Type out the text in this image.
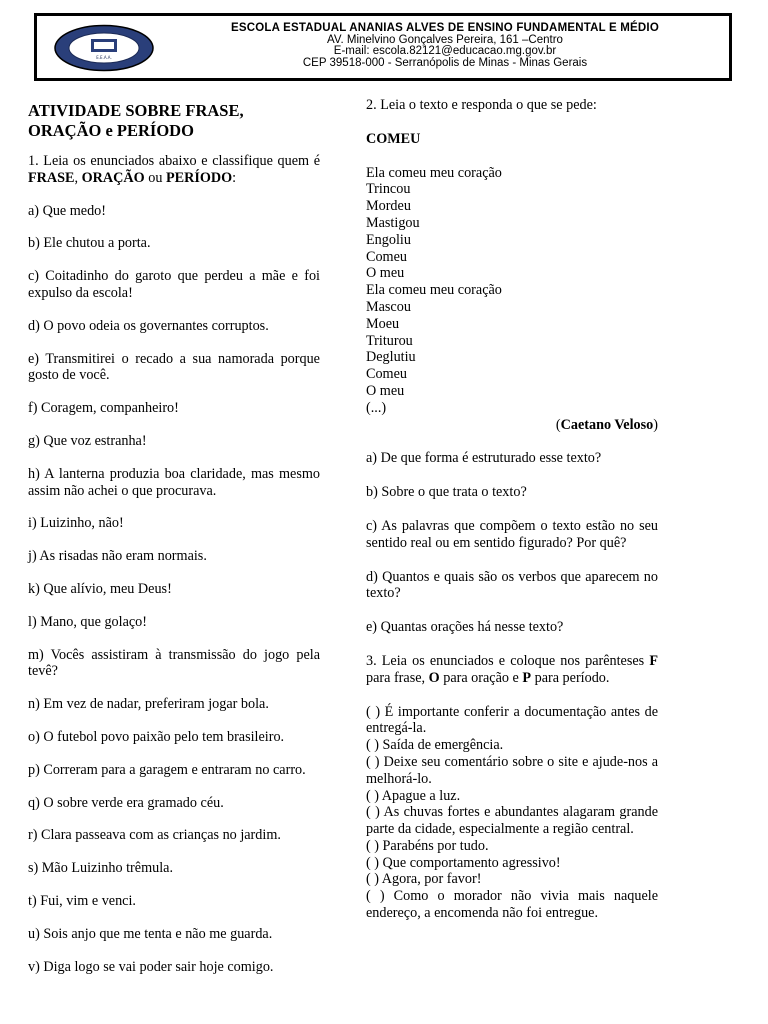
E.E.A.A.
ESCOLA ESTADUAL ANANIAS ALVES DE ENSINO FUNDAMENTAL E MÉDIO
AV. Minelvino Gonçalves Pereira, 161 –Centro
E-mail: escola.82121@educacao.mg.gov.br
CEP 39518-000 - Serranópolis de Minas - Minas Gerais
ATIVIDADE SOBRE FRASE,
ORAÇÃO e PERÍODO

1. Leia os enunciados abaixo e classifique quem é FRASE, ORAÇÃO ou PERÍODO:

a) Que medo!

b) Ele chutou a porta.

c) Coitadinho do garoto que perdeu a mãe e foi expulso da escola!

d) O povo odeia os governantes corruptos.

e) Transmitirei o recado a sua namorada porque gosto de você.

f) Coragem, companheiro!

g) Que voz estranha!

h) A lanterna produzia boa claridade, mas mesmo assim não achei o que procurava.

i) Luizinho, não!

j) As risadas não eram normais.

k) Que alívio, meu Deus!

l) Mano, que golaço!

m) Vocês assistiram à transmissão do jogo pela tevê?

n) Em vez de nadar, preferiram jogar bola.

o) O futebol povo paixão pelo tem brasileiro.

p) Correram para a garagem e entraram no carro.

q) O sobre verde era gramado céu.

r) Clara passeava com as crianças no jardim.

s) Mão Luizinho trêmula.

t) Fui, vim e venci.

u) Sois anjo que me tenta e não me guarda.

v) Diga logo se vai poder sair hoje comigo.

2. Leia o texto e responda o que se pede:

COMEU

Ela comeu meu coração

Trincou

Mordeu

Mastigou

Engoliu

Comeu

O meu

Ela comeu meu coração

Mascou

Moeu

Triturou

Deglutiu

Comeu

O meu

(...)

(Caetano Veloso)

a) De que forma é estruturado esse texto?

b) Sobre o que trata o texto?

c) As palavras que compõem o texto estão no seu sentido real ou em sentido figurado? Por quê?

d) Quantos e quais são os verbos que aparecem no texto?

e) Quantas orações há nesse texto?

3. Leia os enunciados e coloque nos parênteses F para frase, O para oração e P para período.

( ) É importante conferir a documentação antes de entregá-la.

( ) Saída de emergência.

( ) Deixe seu comentário sobre o site e ajude-nos a melhorá-lo.

( ) Apague a luz.

( ) As chuvas fortes e abundantes alagaram grande parte da cidade, especialmente a região central.

( ) Parabéns por tudo.

( ) Que comportamento agressivo!

( ) Agora, por favor!

( ) Como o morador não vivia mais naquele endereço, a encomenda não foi entregue.
